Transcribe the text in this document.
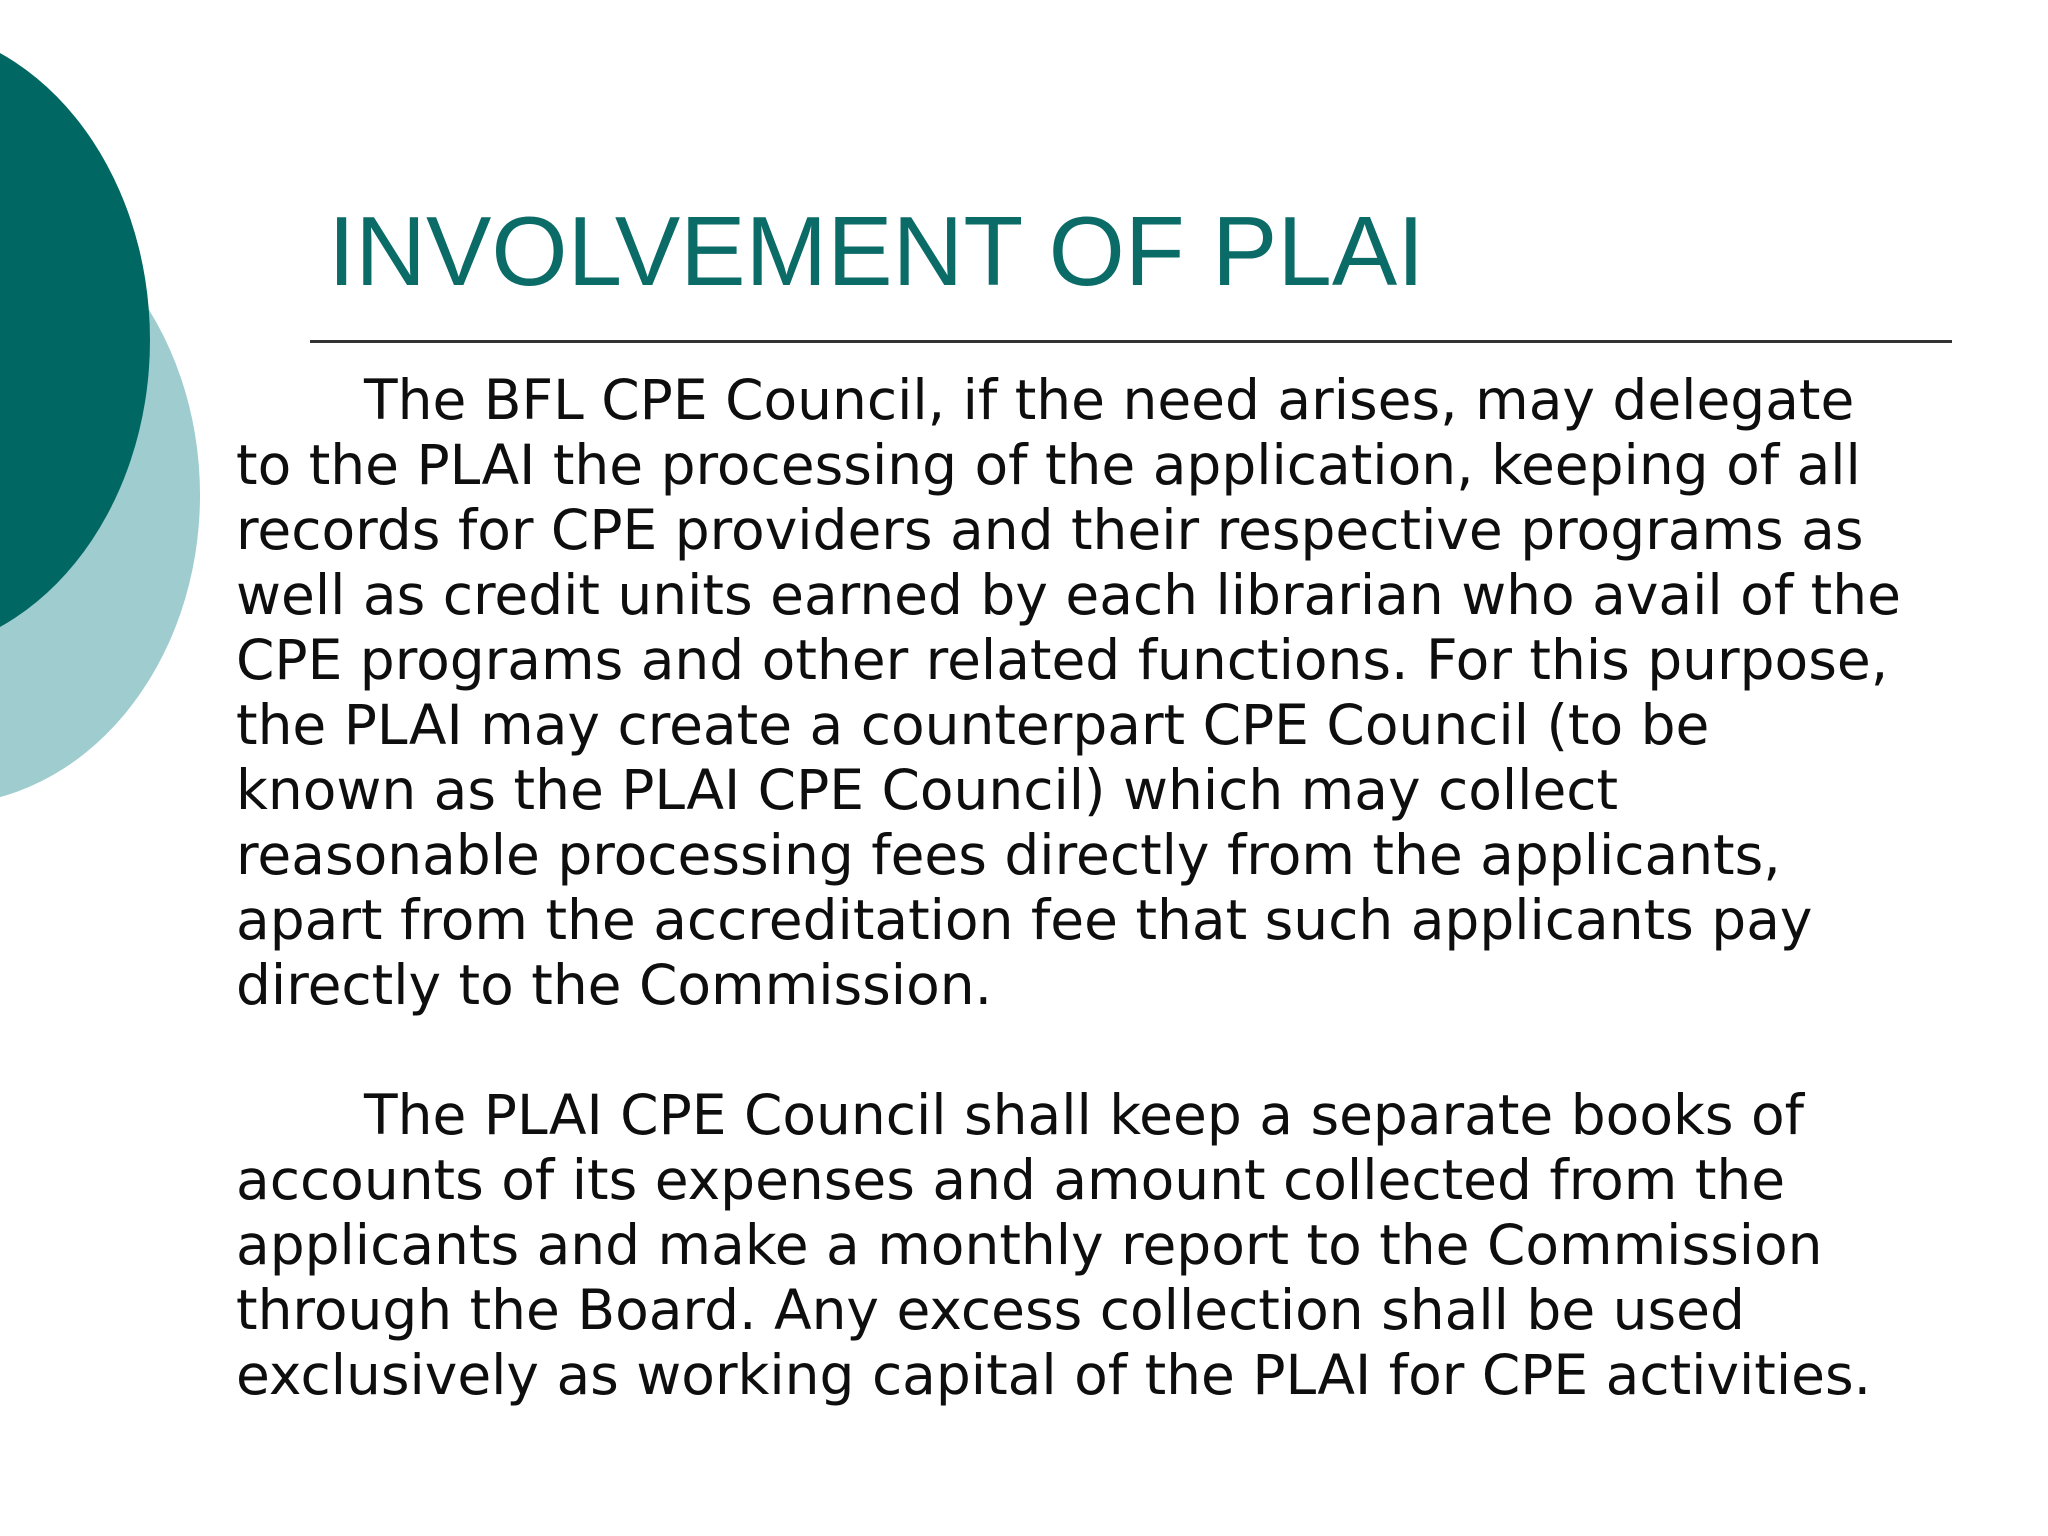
INVOLVEMENT OF PLAI
The BFL CPE Council, if the need arises, may delegate
to the PLAI the processing of the application, keeping of all
records for CPE providers and their respective programs as
well as credit units earned by each librarian who avail of the
CPE programs and other related functions. For this purpose,
the PLAI may create a counterpart CPE Council (to be
known as the PLAI CPE Council) which may collect
reasonable processing fees directly from the applicants,
apart from the accreditation fee that such applicants pay
directly to the Commission.
The PLAI CPE Council shall keep a separate books of
accounts of its expenses and amount collected from the
applicants and make a monthly report to the Commission
through the Board. Any excess collection shall be used
exclusively as working capital of the PLAI for CPE activities.
